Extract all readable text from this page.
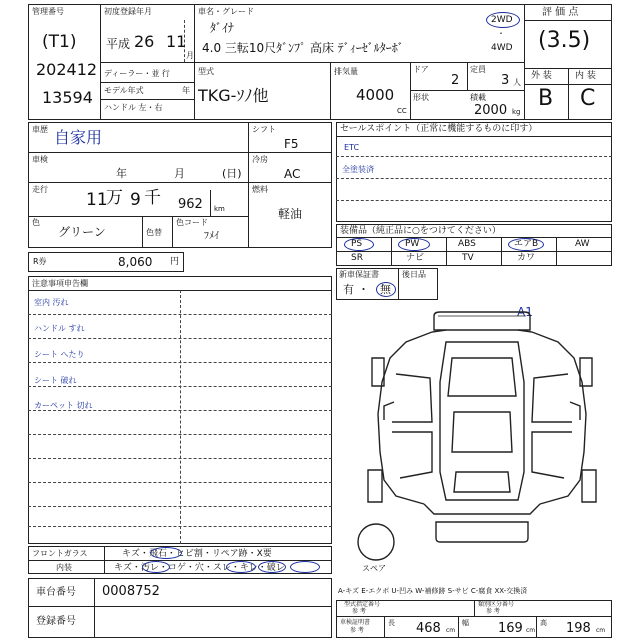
管理番号
(T1)
202412
13594
初度登録年月
平成 26 11
月
ディーラー・並 行
モデル年式	年
ハンドル 左・右
車名・グレード
ﾀﾞｲﾅ
4.0 三転10尺ﾀﾞﾝﾌﾟ 高床 ﾃﾞｨｰｾﾞﾙﾀｰﾎﾞ
2WD
・
4WD
型式
TKG-ｿﾉ他
排気量
4000
CC
ドア
2
定員
3 人
形状	積載
2000 kg
評 価 点
(3.5)
外 装	内 装
B C
車歴 自家用
車検
年	月	(日)
走行
11
万 9 千 962 km
色
グリーン	色替
色コード
ﾌﾒｲ
シフト
F5
冷房
AC
燃料
軽油
R券	8,060 円
セールスポイント（正常に機能するものに印す）
ETC
全塗装済
装備品（純正品に○をつけてください）
PS	PW	ABS	エアB	AW
SR	ナビ	TV	カワ
新車保証書
有 ・ 無
後日品
注意事項申告欄
室内 汚れ
ハンドル すれ
シート へたり
シート 破れ
カーペット 切れ
A1
スペア
フロントガラス	キズ・飛石・ヒビ割・リペア跡・X要
内装	キズ・汚レ・コゲ・穴・スレ・キレ・破レ
車台番号 0008752
登録番号
A-キズ E-エクボ U-凹み W-補修跡 S-サビ C-腐食 XX-交換済
型式指定番号
参 考
類別区分番号
参 考
車検証明書
参 考
長 468 cm
幅 169 cm
高 198 cm
